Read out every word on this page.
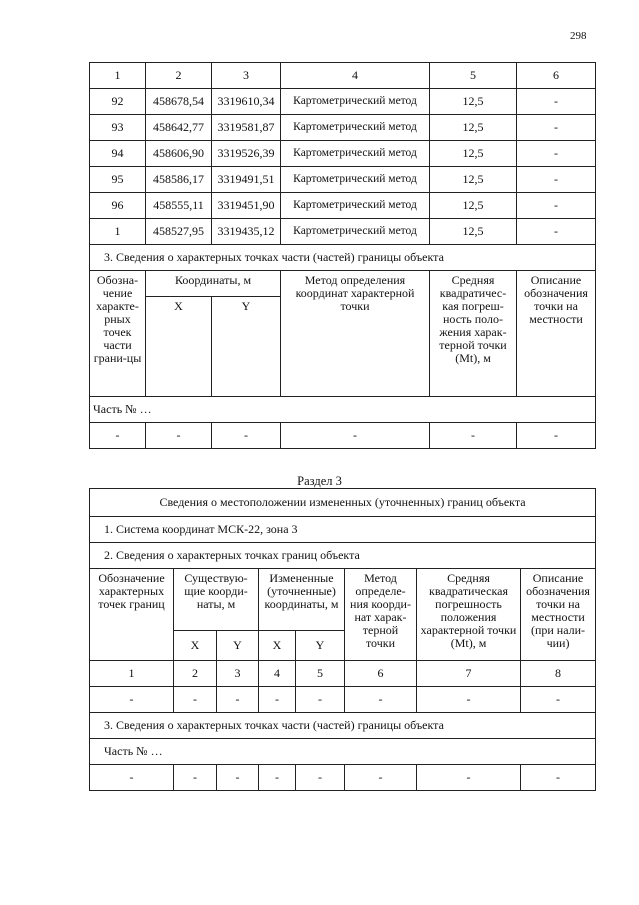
298
1	2	3	4	5	6
92	458678,54	3319610,34	Картометрический метод	12,5	-
93	458642,77	3319581,87	Картометрический метод	12,5	-
94	458606,90	3319526,39	Картометрический метод	12,5	-
95	458586,17	3319491,51	Картометрический метод	12,5	-
96	458555,11	3319451,90	Картометрический метод	12,5	-
1	458527,95	3319435,12	Картометрический метод	12,5	-
3. Сведения о характерных точках части (частей) границы объекта					
Обозна-чение характе-рных точек части грани-цы	Координаты, м		Метод определения координат характерной точки	Средняя квадратичес-кая погреш-ность поло-жения харак-терной точки (Mt), м	Описание обозначения точки на местности
	X	Y			
Часть № …					
-	-	-	-	-	-
Раздел 3
Сведения о местоположении измененных (уточненных) границ объекта							
1. Система координат МСК-22, зона 3							
2. Сведения о характерных точках границ объекта							
Обозначение характерных точек границ	Существую-щие коорди-наты, м		Измененные (уточненные) координаты, м		Метод определе-ния коорди-нат харак-терной точки	Средняя квадратическая погрешность положения характерной точки (Mt), м	Описание обозначения точки на местности (при нали-чии)
	X	Y	X	Y			
1	2	3	4	5	6	7	8
-	-	-	-	-	-	-	-
3. Сведения о характерных точках части (частей) границы объекта							
Часть № …							
-	-	-	-	-	-	-	-
